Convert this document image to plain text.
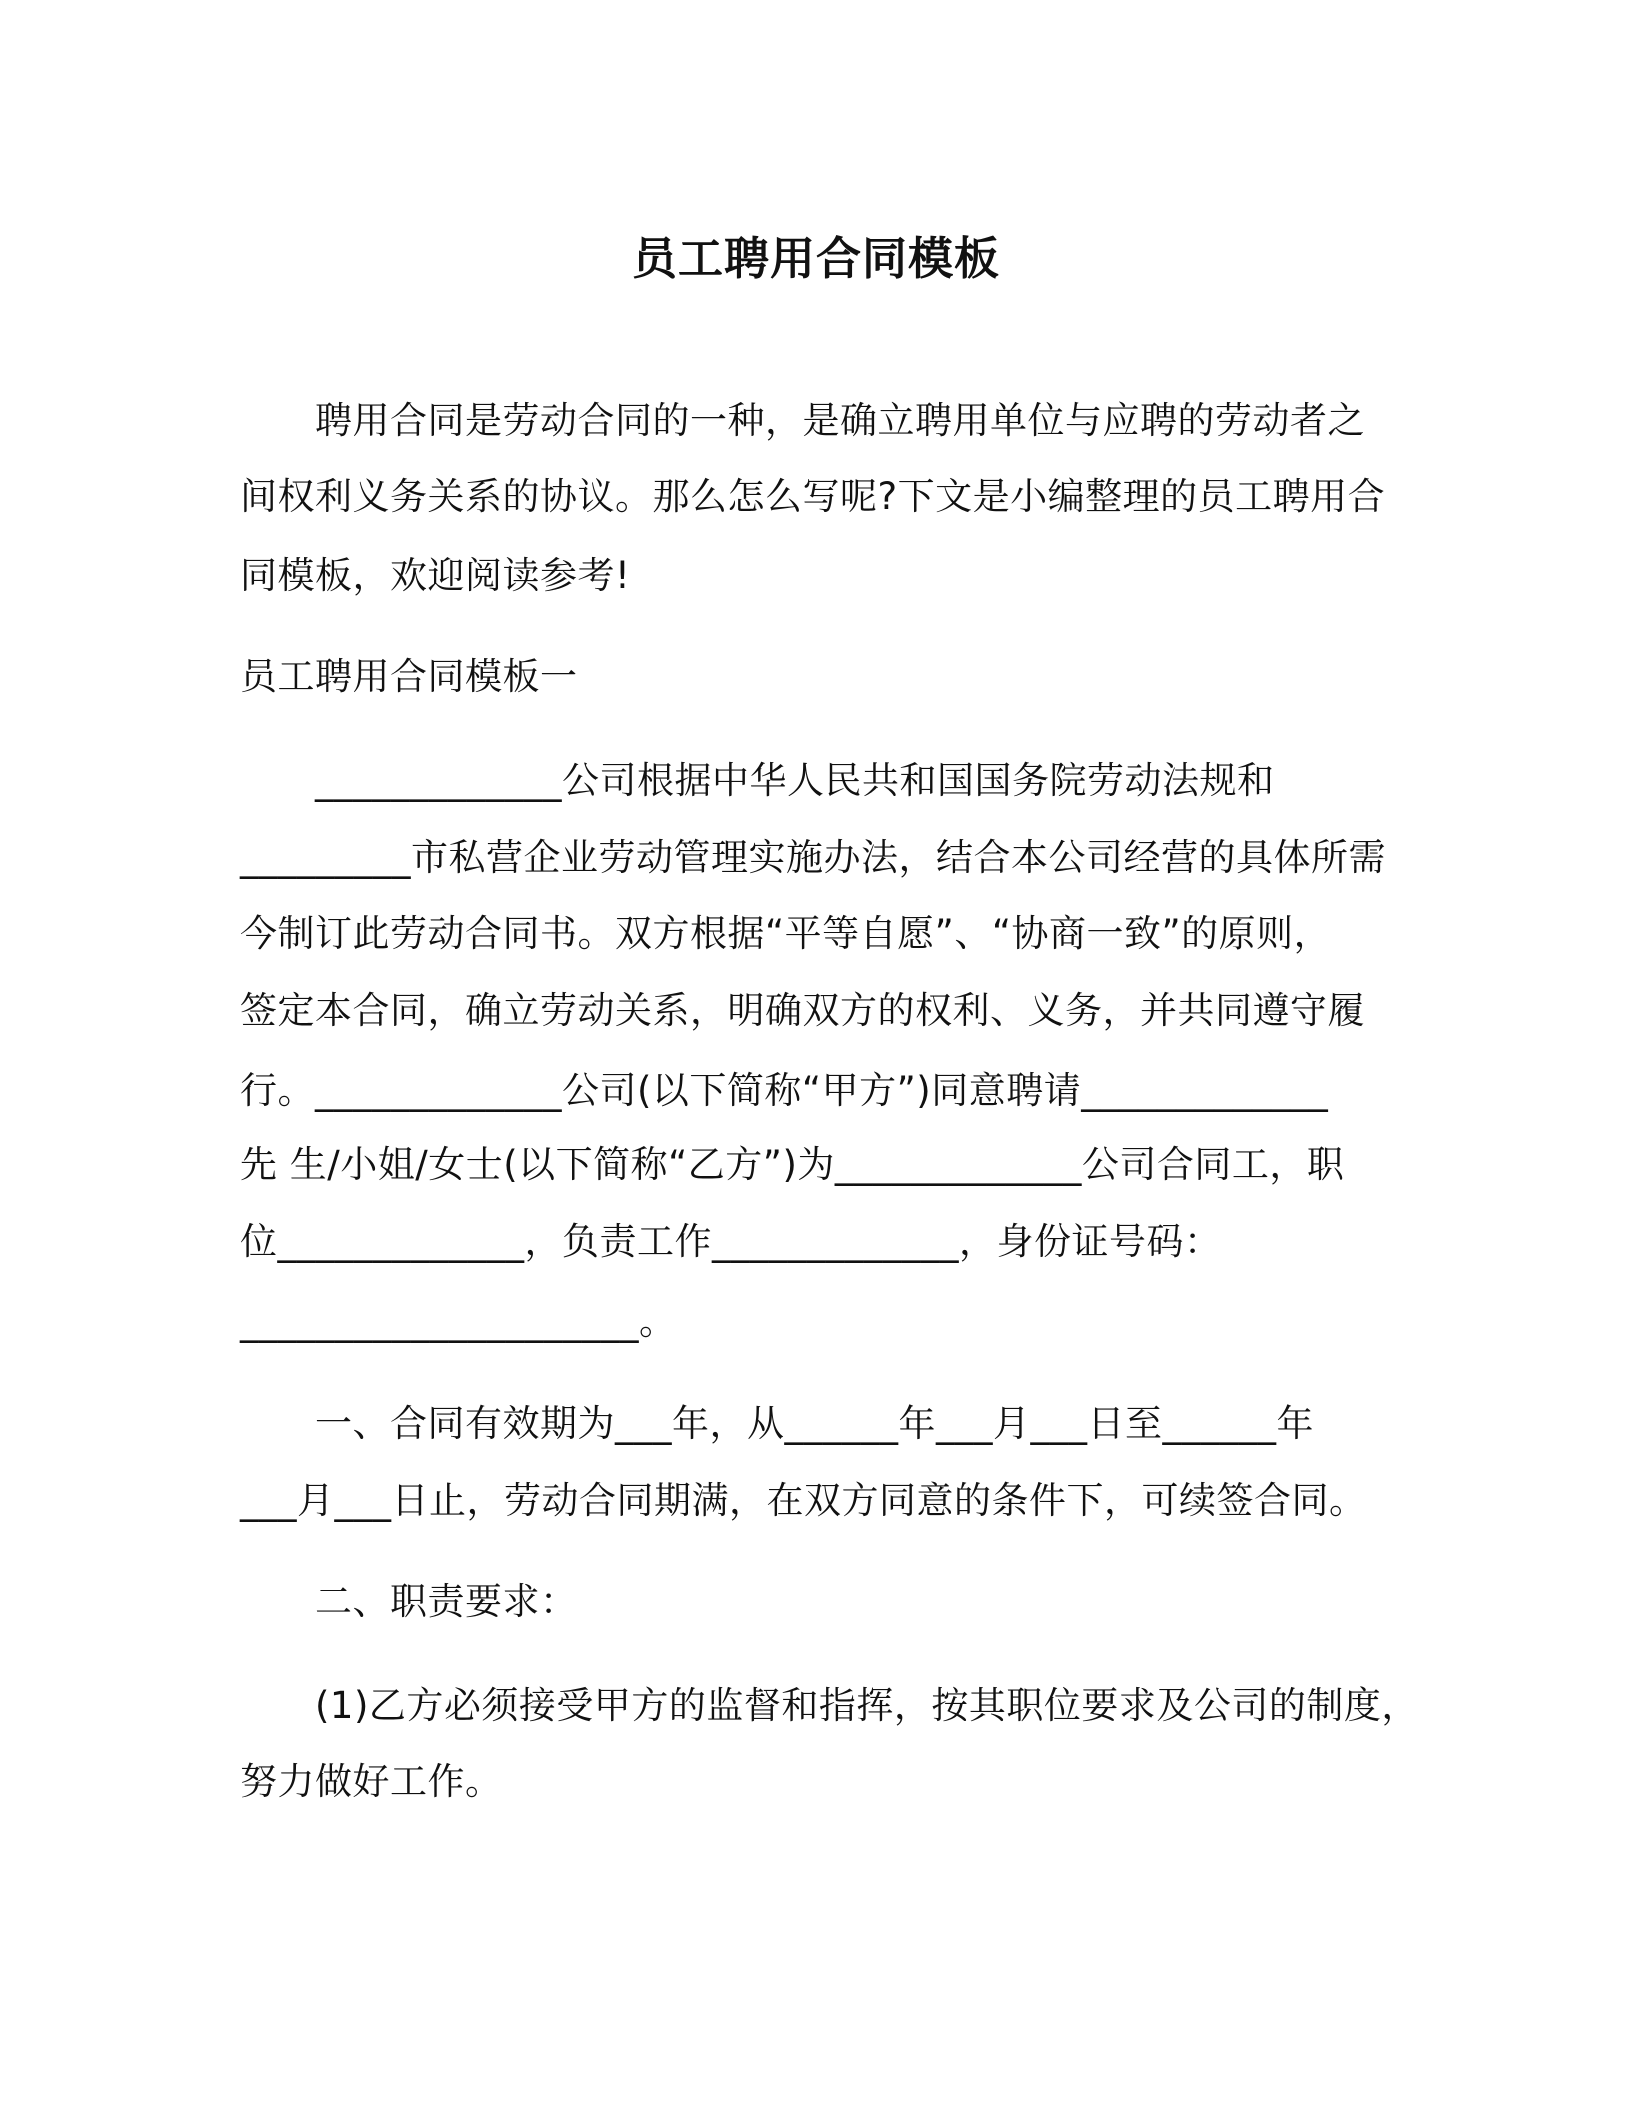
员工聘用合同模板
聘用合同是劳动合同的一种，是确立聘用单位与应聘的劳动者之
间权利义务关系的协议。那么怎么写呢?下文是小编整理的员工聘用合
同模板，欢迎阅读参考!
员工聘用合同模板一
_____________公司根据中华人民共和国国务院劳动法规和
_________市私营企业劳动管理实施办法，结合本公司经营的具体所需
今制订此劳动合同书。双方根据“平等自愿”、“协商一致”的原则，
签定本合同，确立劳动关系，明确双方的权利、义务，并共同遵守履
行。_____________公司(以下简称“甲方”)同意聘请_____________
先 生/小姐/女士(以下简称“乙方”)为_____________公司合同工，职
位_____________，负责工作_____________，身份证号码：
_____________________。
一、合同有效期为___年，从______年___月___日至______年
___月___日止，劳动合同期满，在双方同意的条件下，可续签合同。
二、职责要求：
(1)乙方必须接受甲方的监督和指挥，按其职位要求及公司的制度，
努力做好工作。
